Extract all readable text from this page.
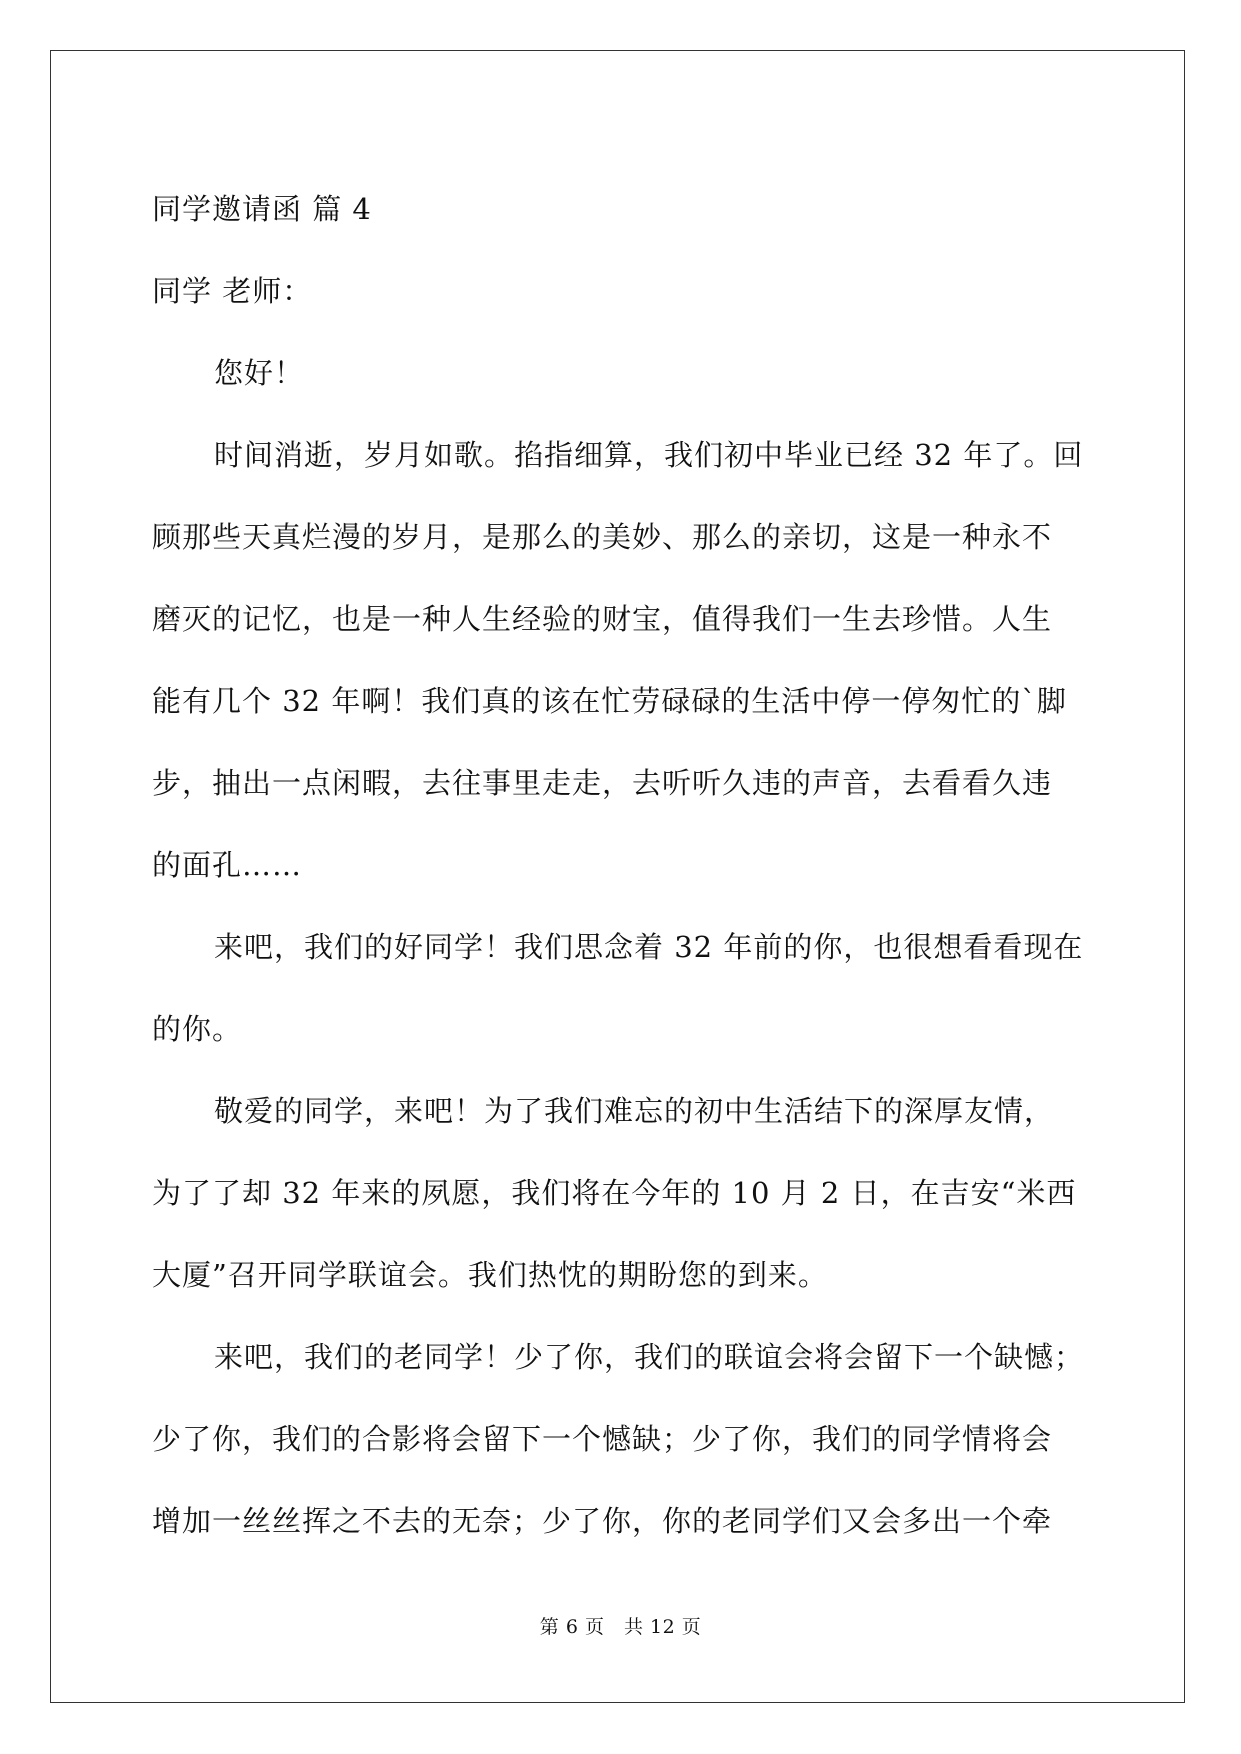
同学邀请函 篇 4
同学 老师：
您好！
时间消逝，岁月如歌。掐指细算，我们初中毕业已经 32 年了。回
顾那些天真烂漫的岁月，是那么的美妙、那么的亲切，这是一种永不
磨灭的记忆，也是一种人生经验的财宝，值得我们一生去珍惜。人生
能有几个 32 年啊！我们真的该在忙劳碌碌的生活中停一停匆忙的`脚
步，抽出一点闲暇，去往事里走走，去听听久违的声音，去看看久违
的面孔……
来吧，我们的好同学！我们思念着 32 年前的你，也很想看看现在
的你。
敬爱的同学，来吧！为了我们难忘的初中生活结下的深厚友情，
为了了却 32 年来的夙愿，我们将在今年的 10 月 2 日，在吉安“米西
大厦”召开同学联谊会。我们热忱的期盼您的到来。
来吧，我们的老同学！少了你，我们的联谊会将会留下一个缺憾；
少了你，我们的合影将会留下一个憾缺；少了你，我们的同学情将会
增加一丝丝挥之不去的无奈；少了你，你的老同学们又会多出一个牵
第 6 页　共 12 页
